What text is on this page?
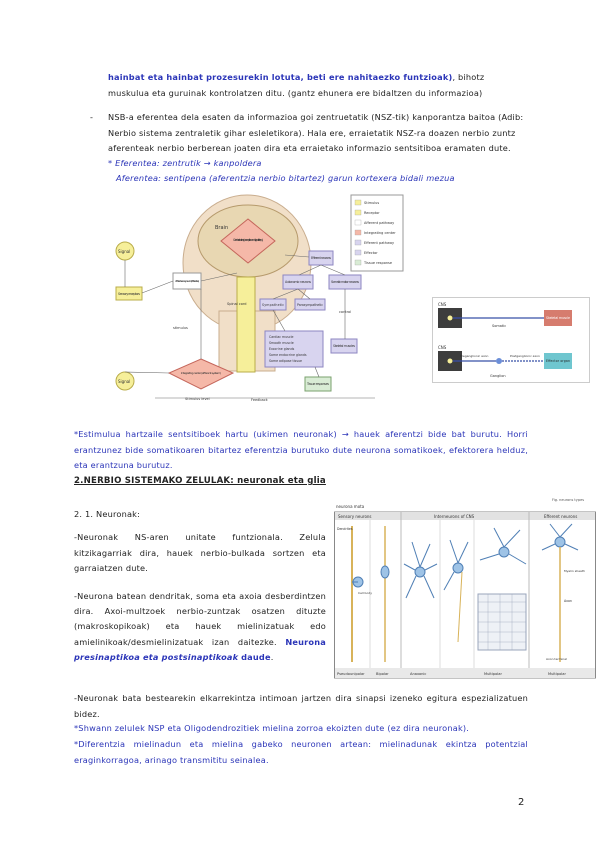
hainbat eta hainbat prozesurekin lotuta, beti ere nahitaezko funtzioak), bihotz muskulua eta guruinak kontrolatzen ditu. (gantz ehunera ere bidaltzen du informazioa)

- NSB-a eferentea dela esaten da informazioa goi zentruetatik (NSZ-tik) kanporantza baitoa (Adib: Nerbio sistema zentraletik gihar esleletikora). Hala ere, erraietatik NSZ-ra doazen nerbio zuntz aferenteak nerbio berberean joaten dira eta erraietako informazio sentsitiboa eramaten dute.

* Eferentea: zentrutik → kanpoldera

Aferentea: sentipena (aferentzia nerbio bitartez) garun kortexera bidali mezua

Brain
Cerebral cortex (perception and signal interp.)
Spinal cord
Signal
Sensory receptors
Afferent sensory neuron (afferentes)
stimulus
Signal
Integrating center (efferent system)
Stimulus level
Efferent neurons
Autonomic neurons	Somatic motor neurons
Sympathetic	Parasympathetic
control
Cardiac muscle
Smooth muscle
Exocrine glands
Some endocrine glands
Some adipose tissue
Skeletal muscles
Tissue responses
Feedback
Stimulus
Receptor
Afferent pathway
Integrating center
Efferent pathway
Effector
Tissue response
CNS
Somatic
Skeletal muscle
CNS
Preganglionic axon	Postganglionic axon
Ganglion
Effector organ

*Estimulua hartzaile sentsitiboek hartu (ukimen neuronak) → hauek aferentzi bide bat burutu. Horri erantzunez bide somatikoaren bitartez eferentzia burutuko dute neurona somatikoek, efektorera helduz, eta erantzuna burutuz.

2.NERBIO SISTEMAKO ZELULAK: neuronak eta glia

2. 1. Neuronak:

-Neuronak NS-aren unitate funtzionala. Zelula kitzikagarriak dira, hauek nerbio-bulkada sortzen eta garraiatzen dute.

-Neurona batean dendritak, soma eta axoia desberdintzen dira. Axoi-multzoek nerbio-zuntzak osatzen dituzte (makroskopikoak) eta hauek mielinizatuak edo amielinikoak/desmielinizatuak izan daitezke. Neurona presinaptikoa eta postsinaptikoak daude.

neurona mota
Fig. neurons types
Sensory neurons	Interneurons of CNS	Efferent neurons
Dendrites
Cell body
Axon
Myelin sheath
Axon terminal
Pseudounipolar	Bipolar	Anaxonic	Multipolar	Multipolar

-Neuronak bata bestearekin elkarrekintza intimoan jartzen dira sinapsi izeneko egitura espezializatuen bidez.

*Shwann zelulek NSP eta Oligodendrozitiek mielina zorroa ekoizten dute (ez dira neuronak).

*Diferentzia mielinadun eta mielina gabeko neuronen artean: mielinadunak ekintza potentzial eraginkorragoa, arinago transmititu seinalea.

2
